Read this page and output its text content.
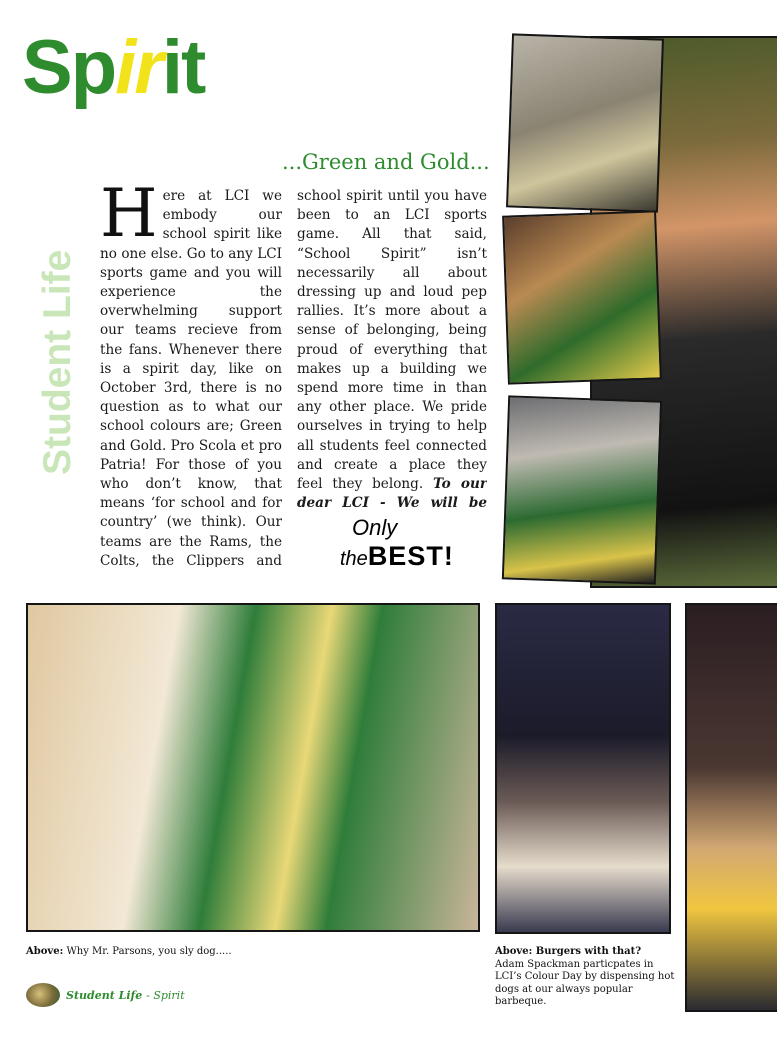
Spirit
Student Life
...Green and Gold...
Here at LCI we embody our school spirit like no one else. Go to any LCI sports game and you will experience the overwhelming support our teams recieve from the fans. Whenever there is a spirit day, like on October 3rd, there is no question as to what our school colours are; Green and Gold. Pro Scola et pro Patria! For those of you who don’t know, that means ‘for school and for country’ (we think). Our teams are the Rams, the Colts, the Clippers and
school spirit until you have been to an LCI sports game. All that said, “School Spirit” isn’t necessarily all about dressing up and loud pep rallies. It’s more about a sense of belonging, being proud of everything that makes up a building we spend more time in than any other place. We pride ourselves in trying to help all students feel connected and create a place they feel they belong. To our dear LCI - We will be
Only
theBEST!
Above: Why Mr. Parsons, you sly dog.....	Above: Burgers with that?
Adam Spackman particpates in LCI’s Colour Day by dispensing hot dogs at our always popular barbeque.
Student Life - Spirit
